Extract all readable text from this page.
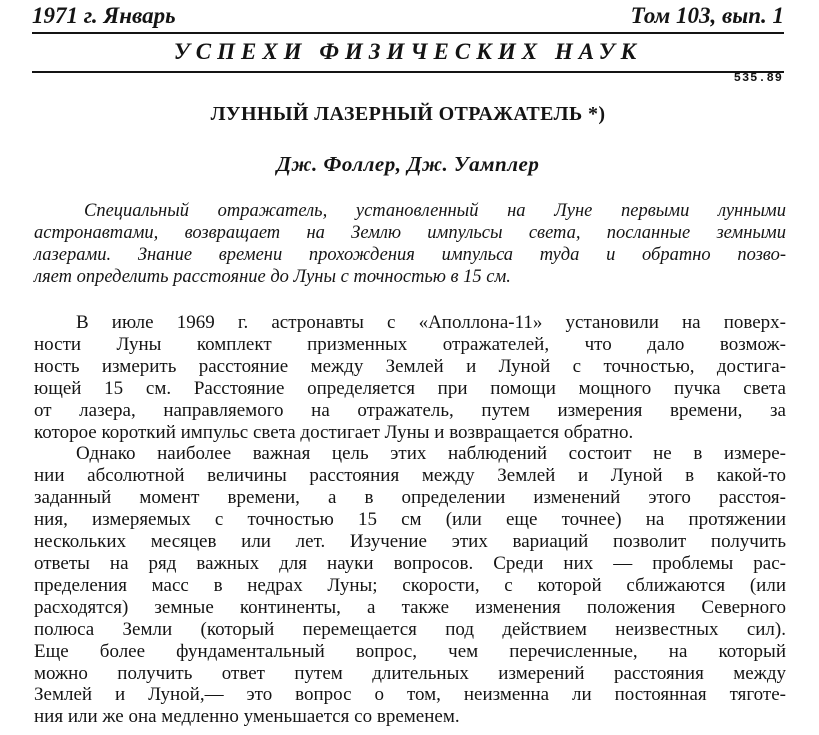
1971 г. Январь	Том 103, вып. 1
УСПЕХИ ФИЗИЧЕСКИХ НАУК
535.89
ЛУННЫЙ ЛАЗЕРНЫЙ ОТРАЖАТЕЛЬ *)
Дж. Фоллер, Дж. Уамплер
Специальный отражатель, установленный на Луне первыми лунными
астронавтами, возвращает на Землю импульсы света, посланные земными
лазерами. Знание времени прохождения импульса туда и обратно позво-
ляет определить расстояние до Луны с точностью в 15 см.
В июле 1969 г. астронавты с «Аполлона-11» установили на поверх-
ности Луны комплект призменных отражателей, что дало возмож-
ность измерить расстояние между Землей и Луной с точностью, достига-
ющей 15 см. Расстояние определяется при помощи мощного пучка света
от лазера, направляемого на отражатель, путем измерения времени, за
которое короткий импульс света достигает Луны и возвращается обратно.
Однако наиболее важная цель этих наблюдений состоит не в измере-
нии абсолютной величины расстояния между Землей и Луной в какой-то
заданный момент времени, а в определении изменений этого расстоя-
ния, измеряемых с точностью 15 см (или еще точнее) на протяжении
нескольких месяцев или лет. Изучение этих вариаций позволит получить
ответы на ряд важных для науки вопросов. Среди них — проблемы рас-
пределения масс в недрах Луны; скорости, с которой сближаются (или
расходятся) земные континенты, а также изменения положения Северного
полюса Земли (который перемещается под действием неизвестных сил).
Еще более фундаментальный вопрос, чем перечисленные, на который
можно получить ответ путем длительных измерений расстояния между
Землей и Луной,— это вопрос о том, неизменна ли постоянная тяготе-
ния или же она медленно уменьшается со временем.
